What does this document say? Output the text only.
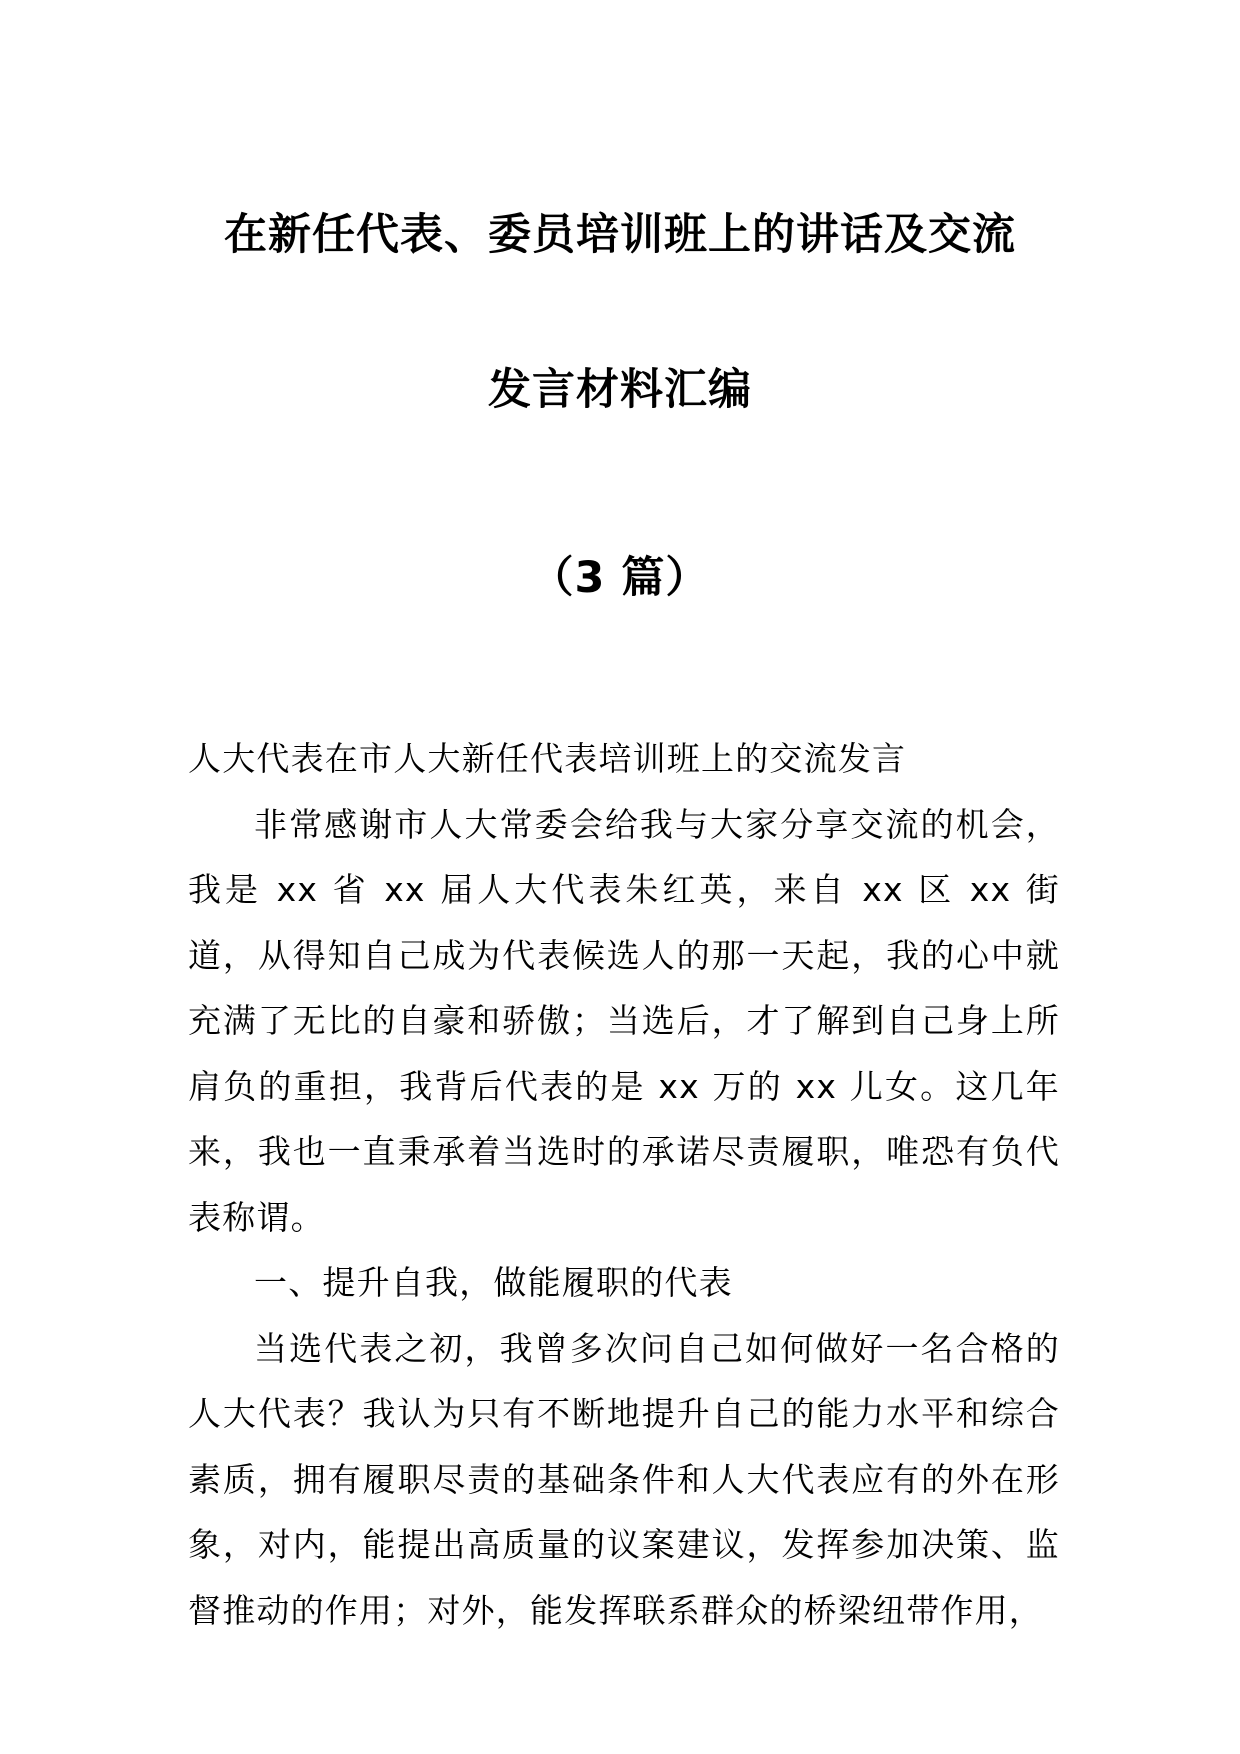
在新任代表、委员培训班上的讲话及交流
发言材料汇编
（3 篇）

人大代表在市人大新任代表培训班上的交流发言

非常感谢市人大常委会给我与大家分享交流的机会，我是 xx 省 xx 届人大代表朱红英，来自 xx 区 xx 街道，从得知自己成为代表候选人的那一天起，我的心中就充满了无比的自豪和骄傲；当选后，才了解到自己身上所肩负的重担，我背后代表的是 xx 万的 xx 儿女。这几年来，我也一直秉承着当选时的承诺尽责履职，唯恐有负代表称谓。

一、提升自我，做能履职的代表

当选代表之初，我曾多次问自己如何做好一名合格的人大代表？我认为只有不断地提升自己的能力水平和综合素质，拥有履职尽责的基础条件和人大代表应有的外在形象，对内，能提出高质量的议案建议，发挥参加决策、监督推动的作用；对外，能发挥联系群众的桥梁纽带作用，
